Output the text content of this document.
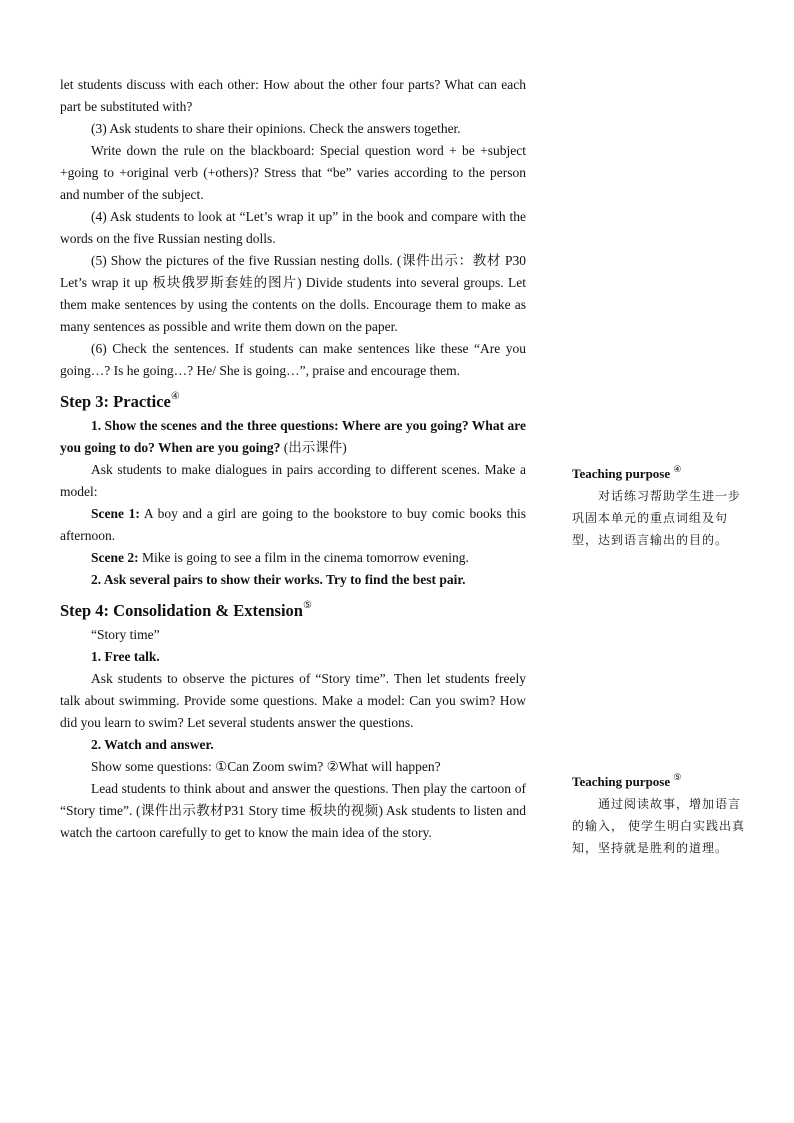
let students discuss with each other: How about the other four parts? What can each part be substituted with?

(3) Ask students to share their opinions. Check the answers together.

Write down the rule on the blackboard: Special question word + be +subject +going to +original verb (+others)? Stress that “be” varies according to the person and number of the subject.

(4) Ask students to look at “Let’s wrap it up” in the book and compare with the words on the five Russian nesting dolls.

(5) Show the pictures of the five Russian nesting dolls. (课件出示：教材 P30 Let’s wrap it up 板块俄罗斯套娃的图片) Divide students into several groups. Let them make sentences by using the contents on the dolls. Encourage them to make as many sentences as possible and write them down on the paper.

(6) Check the sentences. If students can make sentences like these “Are you going…? Is he going…? He/ She is going…”, praise and encourage them.

Step 3: Practice④

1. Show the scenes and the three questions: Where are you going? What are you going to do? When are you going? (出示课件)

Ask students to make dialogues in pairs according to different scenes. Make a model:

Scene 1: A boy and a girl are going to the bookstore to buy comic books this afternoon.

Scene 2: Mike is going to see a film in the cinema tomorrow evening.

2. Ask several pairs to show their works. Try to find the best pair.

Step 4: Consolidation & Extension⑤

“Story time”

1. Free talk.

Ask students to observe the pictures of “Story time”. Then let students freely talk about swimming. Provide some questions. Make a model: Can you swim? How did you learn to swim? Let several students answer the questions.

2. Watch and answer.

Show some questions: ①Can Zoom swim? ②What will happen?

Lead students to think about and answer the questions. Then play the cartoon of “Story time”. (课件出示教材P31 Story time 板块的视频) Ask students to listen and watch the cartoon carefully to get to know the main idea of the story.

Teaching purpose ④
对话练习帮助学生进一步巩固本单元的重点词组及句型，达到语言输出的目的。
Teaching purpose ⑤
通过阅读故事，增加语言的输入， 使学生明白实践出真知，坚持就是胜利的道理。
